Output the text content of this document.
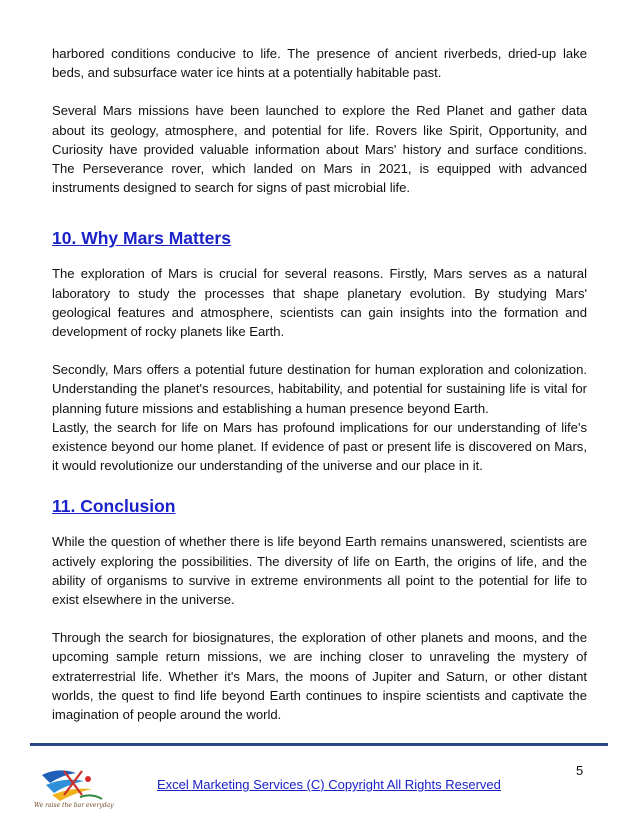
harbored conditions conducive to life. The presence of ancient riverbeds, dried-up lake beds, and subsurface water ice hints at a potentially habitable past.

Several Mars missions have been launched to explore the Red Planet and gather data about its geology, atmosphere, and potential for life. Rovers like Spirit, Opportunity, and Curiosity have provided valuable information about Mars' history and surface conditions. The Perseverance rover, which landed on Mars in 2021, is equipped with advanced instruments designed to search for signs of past microbial life.

10. Why Mars Matters

The exploration of Mars is crucial for several reasons. Firstly, Mars serves as a natural laboratory to study the processes that shape planetary evolution. By studying Mars' geological features and atmosphere, scientists can gain insights into the formation and development of rocky planets like Earth.

Secondly, Mars offers a potential future destination for human exploration and colonization. Understanding the planet's resources, habitability, and potential for sustaining life is vital for planning future missions and establishing a human presence beyond Earth.

Lastly, the search for life on Mars has profound implications for our understanding of life's existence beyond our home planet. If evidence of past or present life is discovered on Mars, it would revolutionize our understanding of the universe and our place in it.

11. Conclusion

While the question of whether there is life beyond Earth remains unanswered, scientists are actively exploring the possibilities. The diversity of life on Earth, the origins of life, and the ability of organisms to survive in extreme environments all point to the potential for life to exist elsewhere in the universe.

Through the search for biosignatures, the exploration of other planets and moons, and the upcoming sample return missions, we are inching closer to unraveling the mystery of extraterrestrial life. Whether it's Mars, the moons of Jupiter and Saturn, or other distant worlds, the quest to find life beyond Earth continues to inspire scientists and captivate the imagination of people around the world.

We raise the bar everyday
5
Excel Marketing Services (C) Copyright All Rights Reserved
